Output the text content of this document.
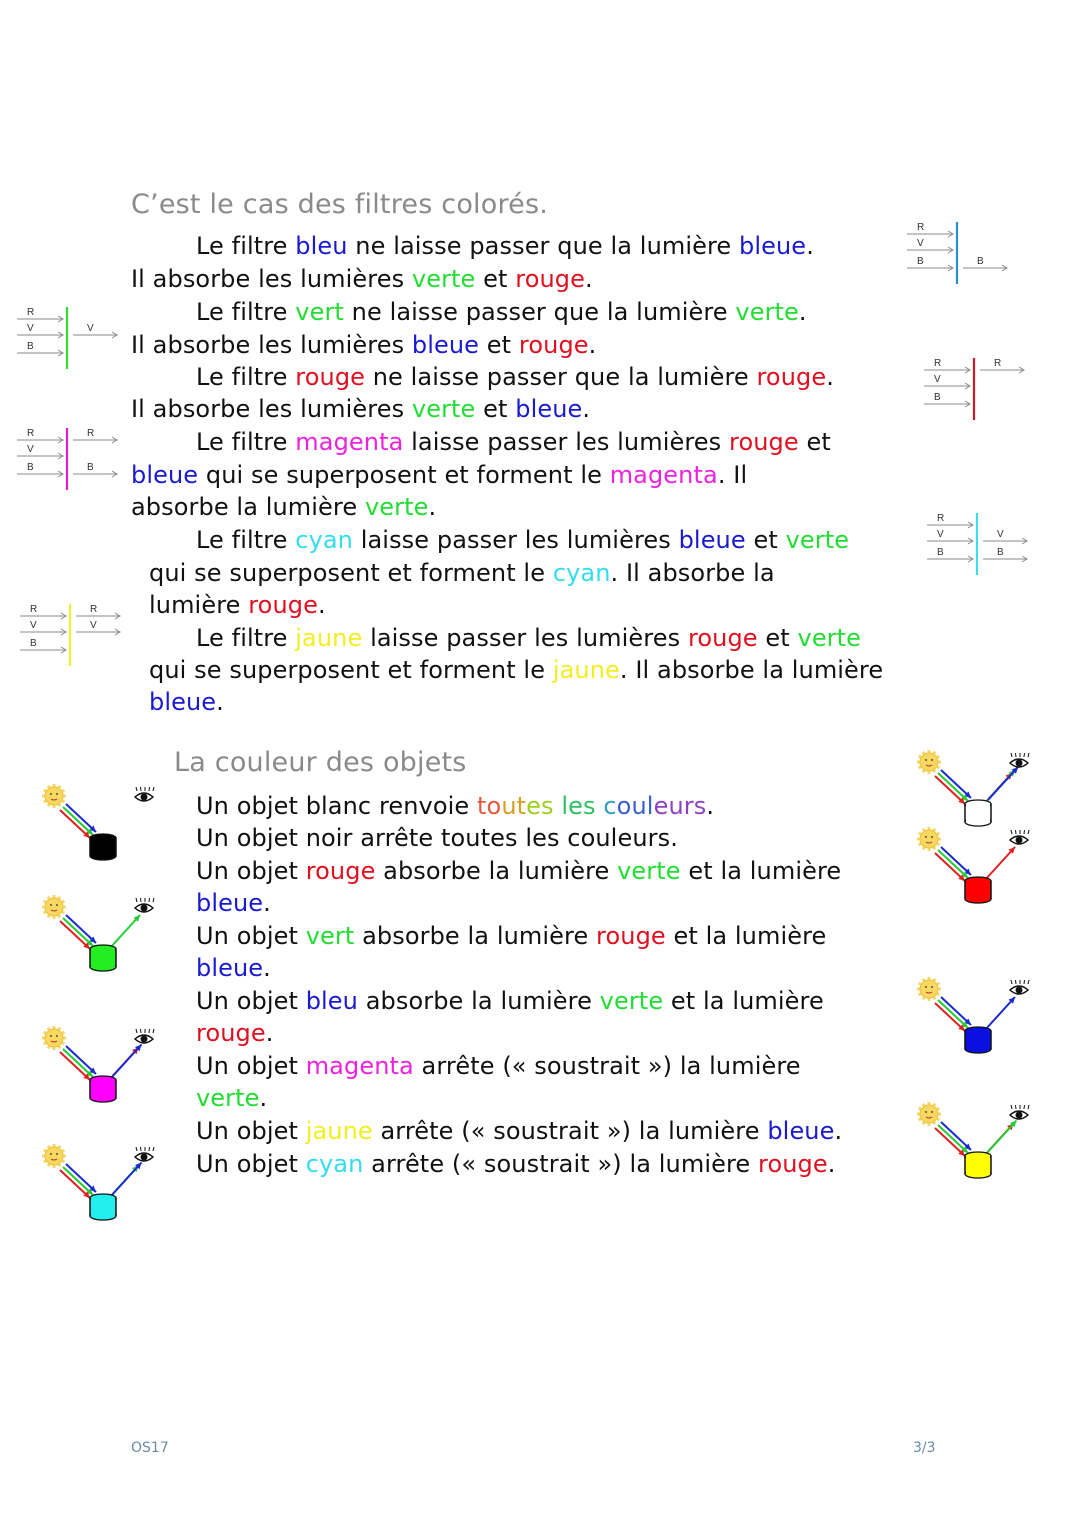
C’est le cas des filtres colorés.
Le filtre bleu ne laisse passer que la lumière bleue.
Il absorbe les lumières verte et rouge.
Le filtre vert ne laisse passer que la lumière verte.
Il absorbe les lumières bleue et rouge.
Le filtre rouge ne laisse passer que la lumière rouge.
Il absorbe les lumières verte et bleue.
Le filtre magenta laisse passer les lumières rouge et
bleue qui se superposent et forment le magenta. Il
absorbe la lumière verte.
Le filtre cyan laisse passer les lumières bleue et verte
qui se superposent et forment le cyan. Il absorbe la
lumière rouge.
Le filtre jaune laisse passer les lumières rouge et verte
qui se superposent et forment le jaune. Il absorbe la lumière
bleue.
R
V
B	B
R
V
B
V
R
V
B
R
R
V
B
R
B
R
V
B
V
B
R
V
B
R
V
La couleur des objets
Un objet blanc renvoie toutes les couleurs.
Un objet noir arrête toutes les couleurs.
Un objet rouge absorbe la lumière verte et la lumière
bleue.
Un objet vert absorbe la lumière rouge et la lumière
bleue.
Un objet bleu absorbe la lumière verte et la lumière
rouge.
Un objet magenta arrête (« soustrait ») la lumière
verte.
Un objet jaune arrête (« soustrait ») la lumière bleue.
Un objet cyan arrête (« soustrait ») la lumière rouge.
OS17	3/3
